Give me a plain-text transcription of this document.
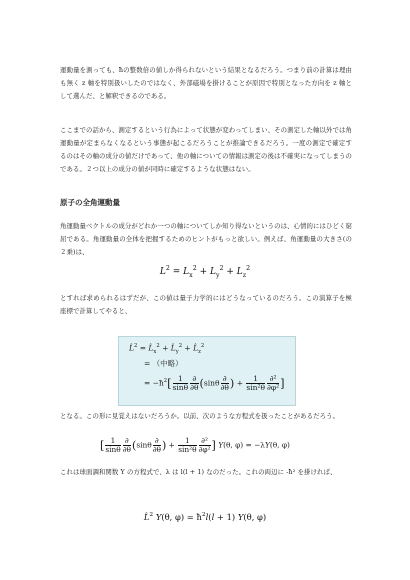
運動量を測っても、ħの整数倍の値しか得られないという結果となるだろう。つまり前の計算は理由も無く z 軸を特別扱いしたのではなく、外部磁場を掛けることが原因で特別となった方向を z 軸として選んだ、と解釈できるのである。

ここまでの話から、測定するという行為によって状態が変わってしまい、その測定した軸以外では角運動量が定まらなくなるという事態が起こるだろうことが推論できるだろう。一度の測定で確定するのはその軸の成分の値だけであって、他の軸についての情報は測定の後は不確実になってしまうのである。２つ以上の成分の値が同時に確定するような状態はない。

原子の全角運動量

角運動量ベクトルの成分がどれか一つの軸についてしか知り得ないというのは、心情的にはひどく窮屈である。角運動量の全体を把握するためのヒントがもっと欲しい。例えば、角運動量の大きさ(の２乗)は、

$L^2 = L_x^2 + L_y^2 + L_z^2$

とすれば求められるはずだが、この値は量子力学的にはどうなっているのだろう。この演算子を極座標で計算してやると、

L̂$^2$ = $L̂_x^2$ + $L̂_y^2$ + $L̂_z^2$
= （中略）
= $-ħ^2[ \frac{1}{\sin\theta} \frac{\partial}{\partial\theta} (\sin\theta \frac{\partial}{\partial\theta}$ ) + $\frac{1}{\text{sin²θ}} \frac{\text{∂²}}{\text{∂φ²}}$ ]

となる。この形に見覚えはないだろうか。以前、次のような方程式を扱ったことがあるだろう。

[ $\frac{1}{\sin\theta} \frac{\partial}{\partial\theta} (\sin\theta \frac{\partial}{\partial\theta}$ ) + $\frac{1}{\text{sin²θ}} \frac{\text{∂²}}{\text{∂φ²}}$ ] Y(θ, φ) = −λY(θ, φ)

これは球面調和関数 Y の方程式で、λ は l(l + 1) なのだった。これの両辺に -ħ² を掛ければ、

L̂$^2$ Y(θ, $\varphi) = ħ^2l(l + 1)$ Y(θ, φ)
